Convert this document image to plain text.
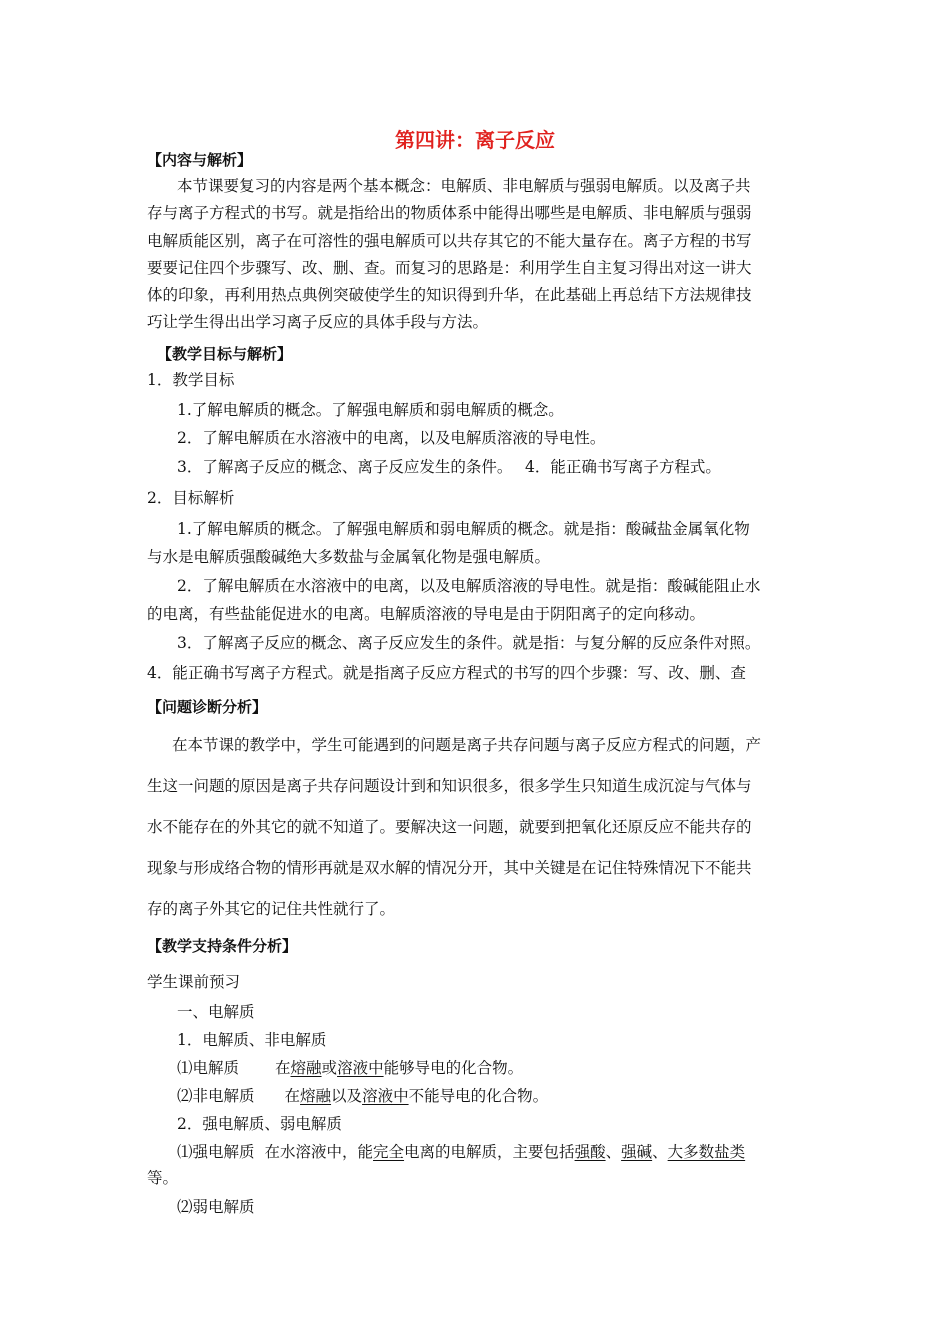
第四讲：离子反应
【内容与解析】
本节课要复习的内容是两个基本概念：电解质、非电解质与强弱电解质。以及离子共
存与离子方程式的书写。就是指给出的物质体系中能得出哪些是电解质、非电解质与强弱
电解质能区别，离子在可溶性的强电解质可以共存其它的不能大量存在。离子方程的书写
要要记住四个步骤写、改、删、查。而复习的思路是：利用学生自主复习得出对这一讲大
体的印象，再利用热点典例突破使学生的知识得到升华，在此基础上再总结下方法规律技
巧让学生得出出学习离子反应的具体手段与方法。
【教学目标与解析】
1．教学目标
1.了解电解质的概念。了解强电解质和弱电解质的概念。
2．了解电解质在水溶液中的电离，以及电解质溶液的导电性。
3．了解离子反应的概念、离子反应发生的条件。　 4．能正确书写离子方程式。
2．目标解析
1.了解电解质的概念。了解强电解质和弱电解质的概念。就是指：酸碱盐金属氧化物
与水是电解质强酸碱绝大多数盐与金属氧化物是强电解质。
2．了解电解质在水溶液中的电离，以及电解质溶液的导电性。就是指：酸碱能阻止水
的电离，有些盐能促进水的电离。电解质溶液的导电是由于阴阳离子的定向移动。
3．了解离子反应的概念、离子反应发生的条件。就是指：与复分解的反应条件对照。
4．能正确书写离子方程式。就是指离子反应方程式的书写的四个步骤：写、改、删、查
【问题诊断分析】
在本节课的教学中，学生可能遇到的问题是离子共存问题与离子反应方程式的问题，产
生这一问题的原因是离子共存问题设计到和知识很多，很多学生只知道生成沉淀与气体与
水不能存在的外其它的就不知道了。要解决这一问题，就要到把氧化还原反应不能共存的
现象与形成络合物的情形再就是双水解的情况分开，其中关键是在记住特殊情况下不能共
存的离子外其它的记住共性就行了。
【教学支持条件分析】
学生课前预习
一、电解质
1．电解质、非电解质
⑴电解质 在熔融或溶液中能够导电的化合物。
⑵非电解质 在熔融以及溶液中不能导电的化合物。
2．强电解质、弱电解质
⑴强电解质 在水溶液中，能完全电离的电解质，主要包括强酸、强碱、大多数盐类
等。
⑵弱电解质
